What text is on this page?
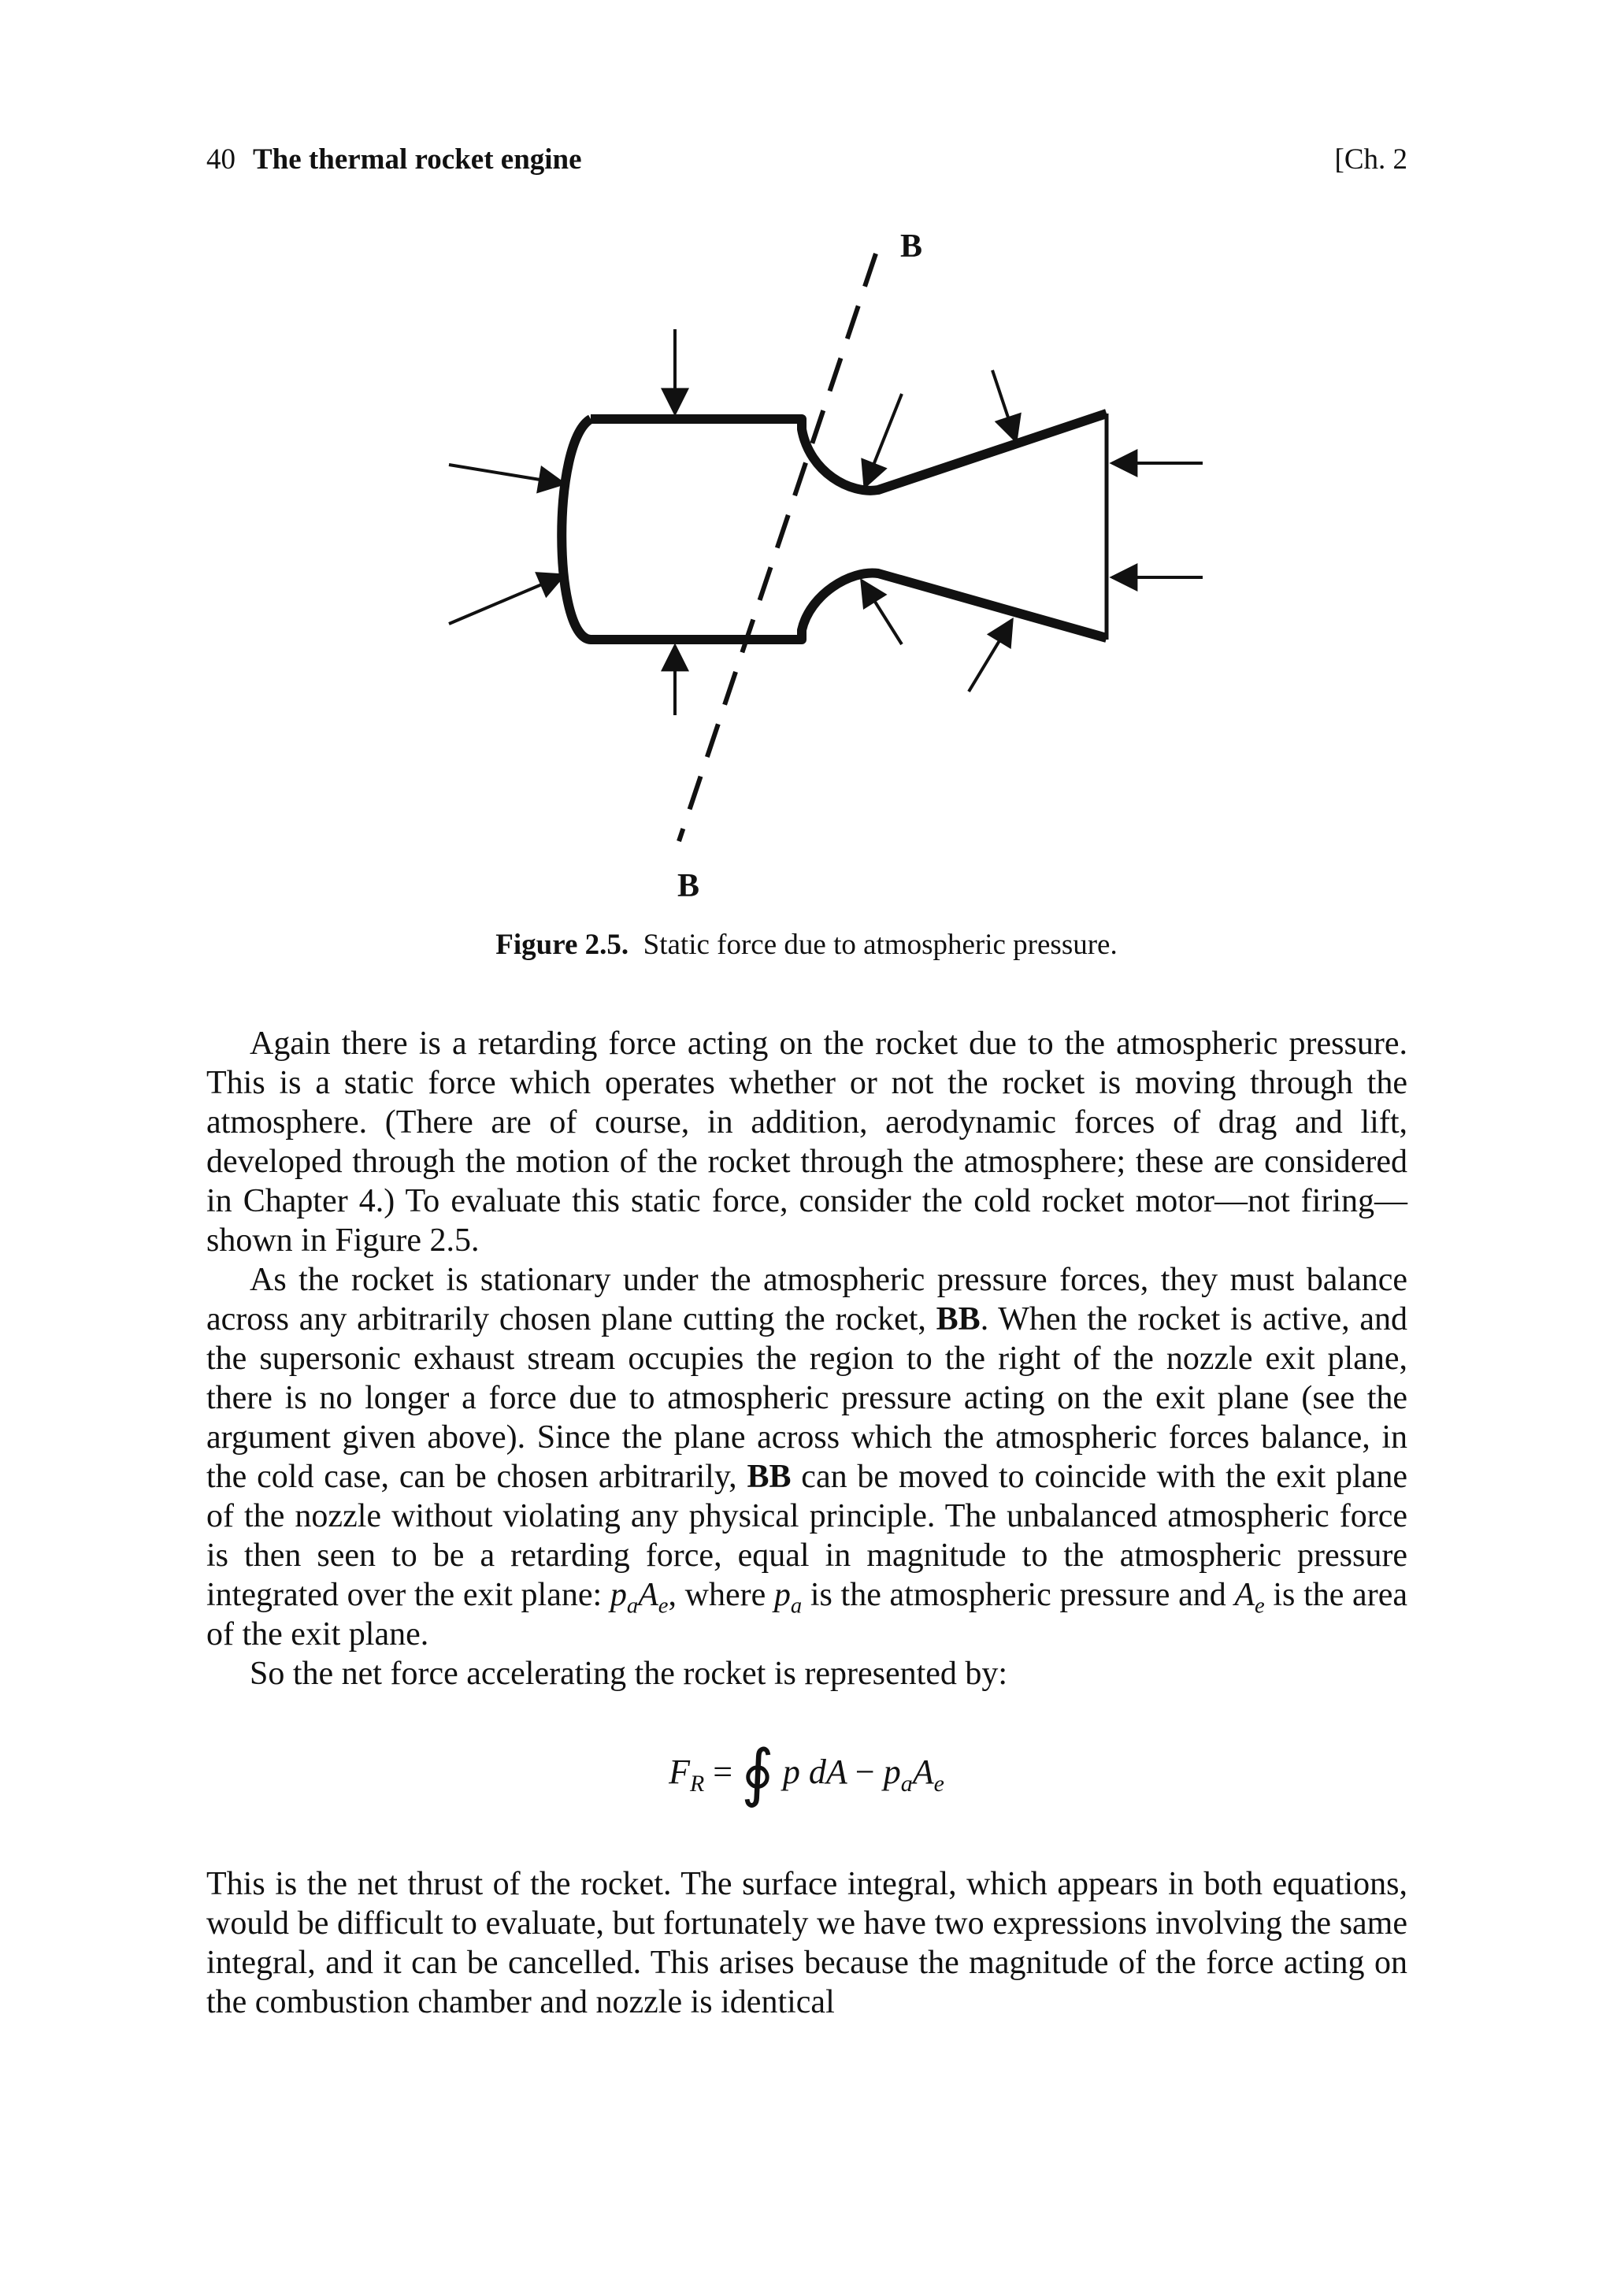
40 The thermal rocket engine	[Ch. 2
B
B
Figure 2.5. Static force due to atmospheric pressure.

Again there is a retarding force acting on the rocket due to the atmospheric pressure. This is a static force which operates whether or not the rocket is moving through the atmosphere. (There are of course, in addition, aerodynamic forces of drag and lift, developed through the motion of the rocket through the atmosphere; these are considered in Chapter 4.) To evaluate this static force, consider the cold rocket motor—not firing—shown in Figure 2.5.

As the rocket is stationary under the atmospheric pressure forces, they must balance across any arbitrarily chosen plane cutting the rocket, BB. When the rocket is active, and the supersonic exhaust stream occupies the region to the right of the nozzle exit plane, there is no longer a force due to atmospheric pressure acting on the exit plane (see the argument given above). Since the plane across which the atmospheric forces balance, in the cold case, can be chosen arbitrarily, BB can be moved to coincide with the exit plane of the nozzle without violating any physical principle. The unbalanced atmospheric force is then seen to be a retarding force, equal in magnitude to the atmospheric pressure integrated over the exit plane: $p_aA_e$, where $p_a$ is the atmospheric pressure and $A_e$ is the area of the exit plane.

So the net force accelerating the rocket is represented by:

$F_R$ = ∮ p dA − $p_aA_e$

This is the net thrust of the rocket. The surface integral, which appears in both equations, would be difficult to evaluate, but fortunately we have two expressions involving the same integral, and it can be cancelled. This arises because the magnitude of the force acting on the combustion chamber and nozzle is identical
